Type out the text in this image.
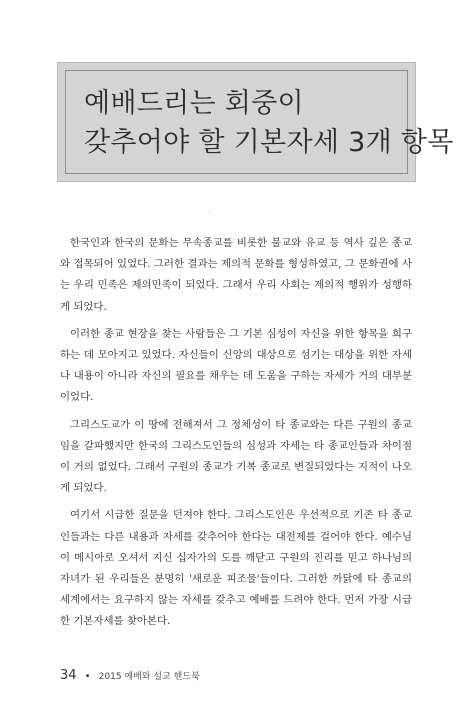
예배드리는 회중이
갖추어야 할 기본자세 3개 항목
ˋ

한국인과 한국의 문화는 무속종교를 비롯한 불교와 유교 등 역사 깊은 종교와 접목되어 있었다. 그러한 결과는 제의적 문화를 형성하였고, 그 문화권에 사는 우리 민족은 제의민족이 되었다. 그래서 우리 사회는 제의적 행위가 성행하게 되었다.

이러한 종교 현장을 찾는 사람들은 그 기본 심성이 자신을 위한 항목을 희구하는 데 모아지고 있었다. 자신들이 신앙의 대상으로 섬기는 대상을 위한 자세나 내용이 아니라 자신의 필요를 채우는 데 도움을 구하는 자세가 거의 대부분이었다.

그리스도교가 이 땅에 전해져서 그 정체성이 타 종교와는 다른 구원의 종교임을 갈파했지만 한국의 그리스도인들의 심성과 자세는 타 종교인들과 차이점이 거의 없었다. 그래서 구원의 종교가 기복 종교로 변질되었다는 지적이 나오게 되었다.

여기서 시급한 질문을 던져야 한다. 그리스도인은 우선적으로 기존 타 종교인들과는 다른 내용과 자세를 갖추어야 한다는 대전제를 걸어야 한다. 예수님이 메시아로 오셔서 지신 십자가의 도를 깨닫고 구원의 진리를 믿고 하나님의 자녀가 된 우리들은 분명히 '새로운 피조물'들이다. 그러한 까닭에 타 종교의 세계에서는 요구하지 않는 자세를 갖추고 예배를 드려야 한다. 먼저 가장 시급한 기본자세를 찾아본다.

34 • 2015 예배와 설교 핸드북
